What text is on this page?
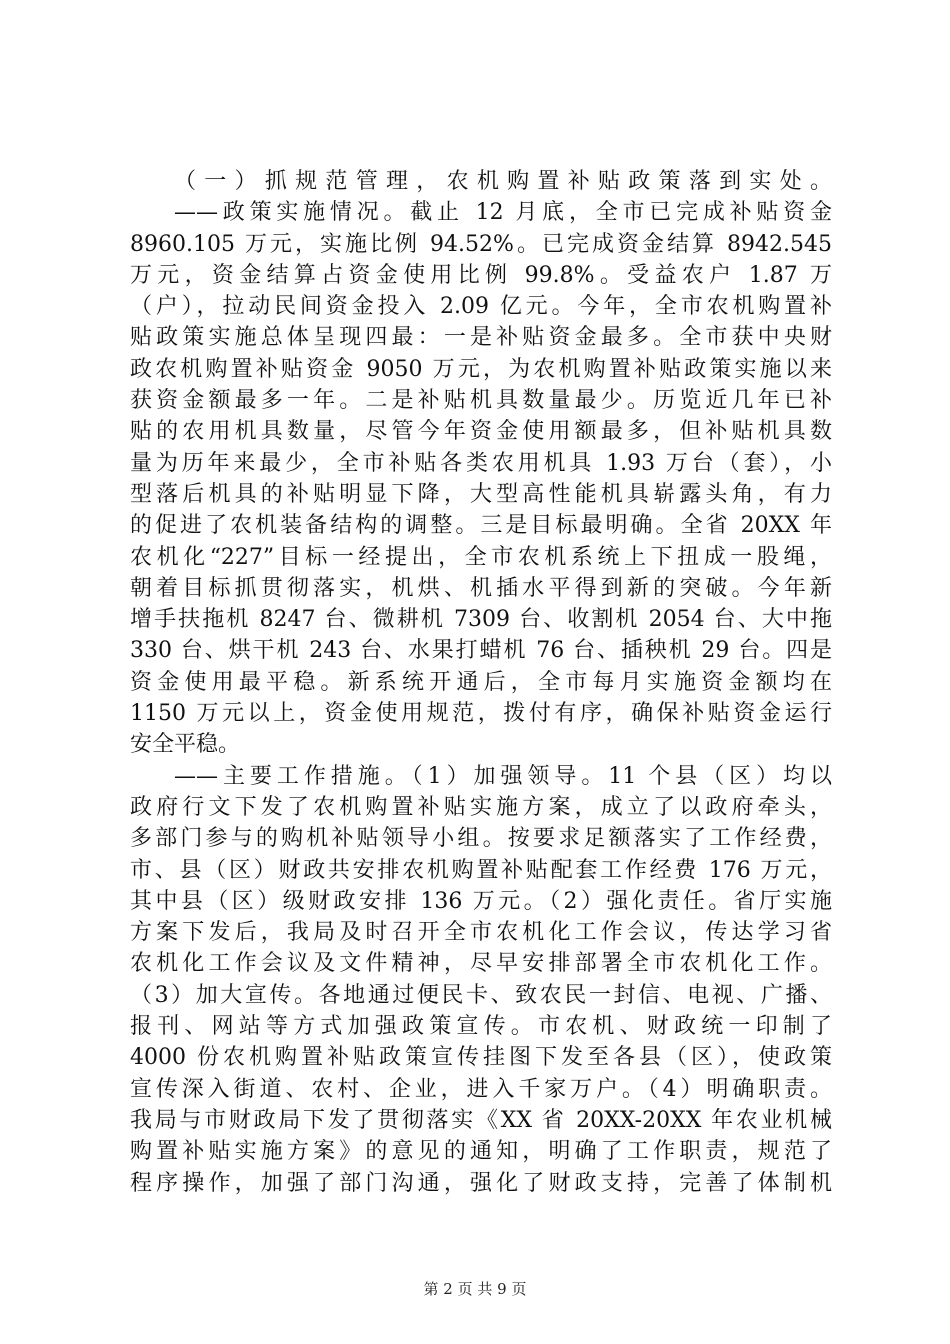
（一）抓规范管理，农机购置补贴政策落到实处。
——政策实施情况。截止 12 月底，全市已完成补贴资金
8960.105 万元，实施比例 94.52%。已完成资金结算 8942.545
万元，资金结算占资金使用比例 99.8%。受益农户 1.87 万
（户），拉动民间资金投入 2.09 亿元。今年，全市农机购置补
贴政策实施总体呈现四最：一是补贴资金最多。全市获中央财
政农机购置补贴资金 9050 万元，为农机购置补贴政策实施以来
获资金额最多一年。二是补贴机具数量最少。历览近几年已补
贴的农用机具数量，尽管今年资金使用额最多，但补贴机具数
量为历年来最少，全市补贴各类农用机具 1.93 万台（套），小
型落后机具的补贴明显下降，大型高性能机具崭露头角，有力
的促进了农机装备结构的调整。三是目标最明确。全省 20XX 年
农机化“227”目标一经提出，全市农机系统上下扭成一股绳，
朝着目标抓贯彻落实，机烘、机插水平得到新的突破。今年新
增手扶拖机 8247 台、微耕机 7309 台、收割机 2054 台、大中拖
330 台、烘干机 243 台、水果打蜡机 76 台、插秧机 29 台。四是
资金使用最平稳。新系统开通后，全市每月实施资金额均在
1150 万元以上，资金使用规范，拨付有序，确保补贴资金运行
安全平稳。
——主要工作措施。（1）加强领导。11 个县（区）均以
政府行文下发了农机购置补贴实施方案，成立了以政府牵头，
多部门参与的购机补贴领导小组。按要求足额落实了工作经费，
市、县（区）财政共安排农机购置补贴配套工作经费 176 万元，
其中县（区）级财政安排 136 万元。（2）强化责任。省厅实施
方案下发后，我局及时召开全市农机化工作会议，传达学习省
农机化工作会议及文件精神，尽早安排部署全市农机化工作。
（3）加大宣传。各地通过便民卡、致农民一封信、电视、广播、
报刊、网站等方式加强政策宣传。市农机、财政统一印制了
4000 份农机购置补贴政策宣传挂图下发至各县（区），使政策
宣传深入街道、农村、企业，进入千家万户。（4）明确职责。
我局与市财政局下发了贯彻落实《XX 省 20XX-20XX 年农业机械
购置补贴实施方案》的意见的通知，明确了工作职责，规范了
程序操作，加强了部门沟通，强化了财政支持，完善了体制机
第 2 页 共 9 页
